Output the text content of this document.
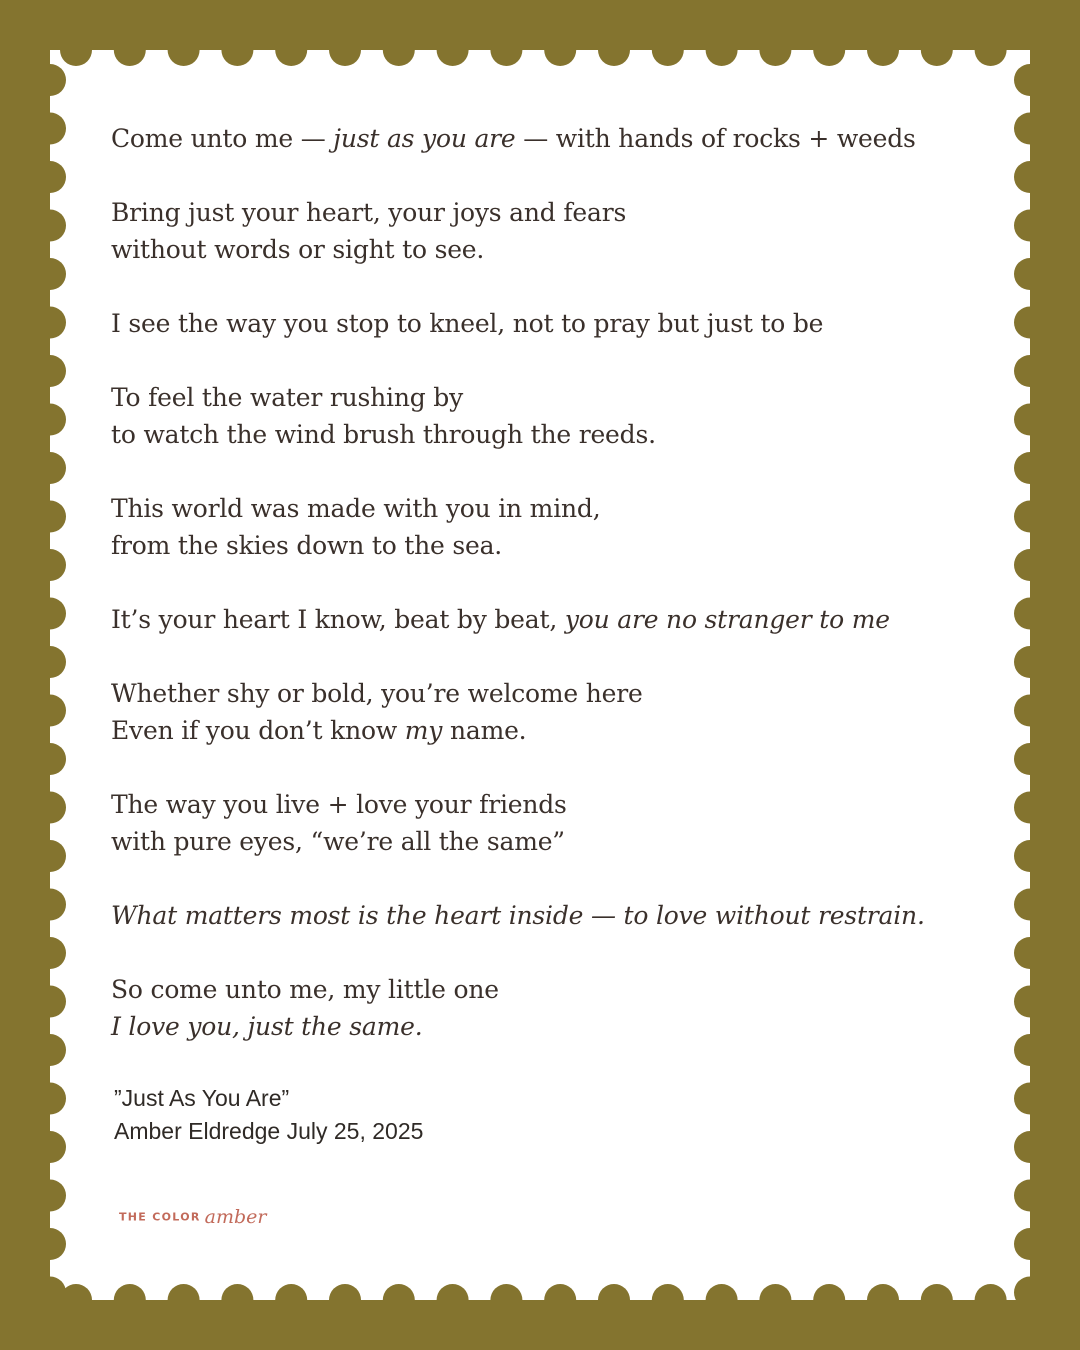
Come unto me — just as you are — with hands of rocks + weeds
Bring just your heart, your joys and fears
without words or sight to see.
I see the way you stop to kneel, not to pray but just to be
To feel the water rushing by
to watch the wind brush through the reeds.
This world was made with you in mind,
from the skies down to the sea.
It’s your heart I know, beat by beat, you are no stranger to me
Whether shy or bold, you’re welcome here
Even if you don’t know my name.
The way you live + love your friends
with pure eyes, “we’re all the same”
What matters most is the heart inside — to love without restrain.
So come unto me, my little one
I love you, just the same.
”Just As You Are”
Amber Eldredge July 25, 2025
THE COLOR amber
